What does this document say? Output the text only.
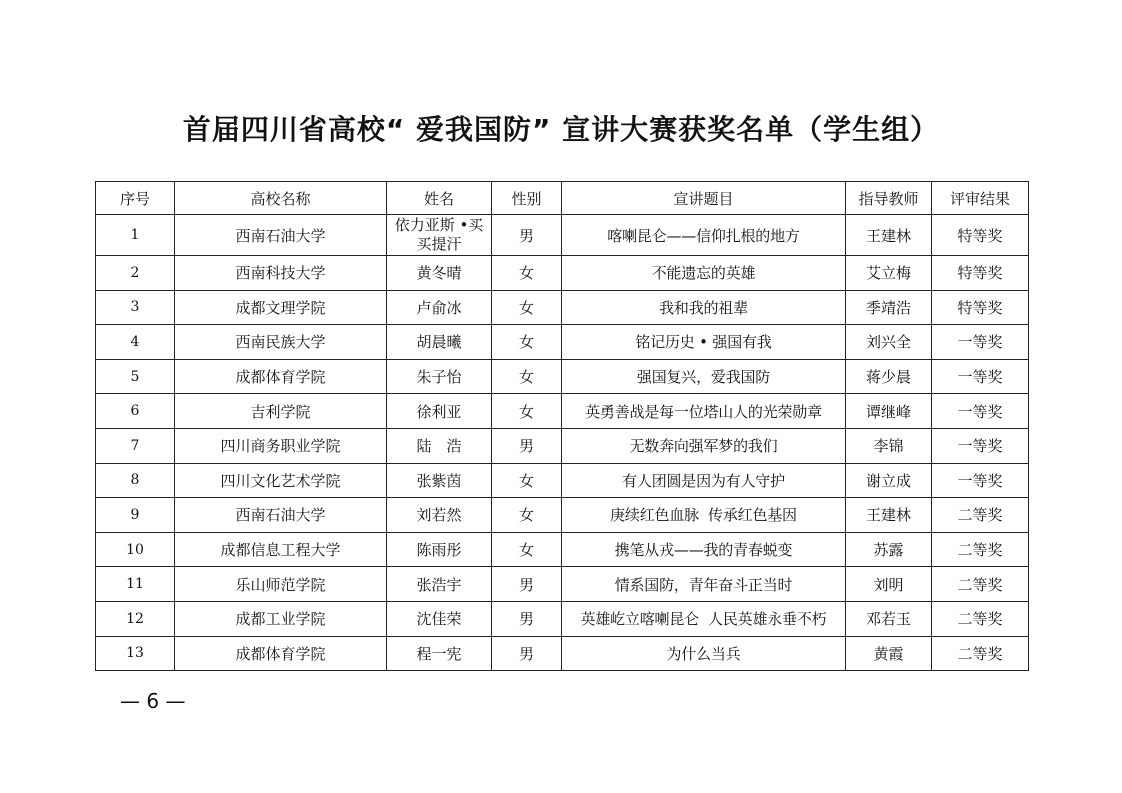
首届四川省高校“ 爱我国防” 宣讲大赛获奖名单（学生组）
序号	高校名称	姓名	性别	宣讲题目	指导教师	评审结果
1	西南石油大学	依力亚斯 •买买提汗	男	喀喇昆仑——信仰扎根的地方	王建林	特等奖
2	西南科技大学	黄冬晴	女	不能遗忘的英雄	艾立梅	特等奖
3	成都文理学院	卢俞冰	女	我和我的祖辈	季靖浩	特等奖
4	西南民族大学	胡晨曦	女	铭记历史 • 强国有我	刘兴全	一等奖
5	成都体育学院	朱子怡	女	强国复兴，爱我国防	蒋少晨	一等奖
6	吉利学院	徐利亚	女	英勇善战是每一位塔山人的光荣勋章	谭继峰	一等奖
7	四川商务职业学院	陆　浩	男	无数奔向强军梦的我们	李锦	一等奖
8	四川文化艺术学院	张紫茵	女	有人团圆是因为有人守护	谢立成	一等奖
9	西南石油大学	刘若然	女	庚续红色血脉  传承红色基因	王建林	二等奖
10	成都信息工程大学	陈雨彤	女	携笔从戎——我的青春蜕变	苏露	二等奖
11	乐山师范学院	张浩宇	男	情系国防，青年奋斗正当时	刘明	二等奖
12	成都工业学院	沈佳荣	男	英雄屹立喀喇昆仑  人民英雄永垂不朽	邓若玉	二等奖
13	成都体育学院	程一宪	男	为什么当兵	黄霞	二等奖
— 6 —
